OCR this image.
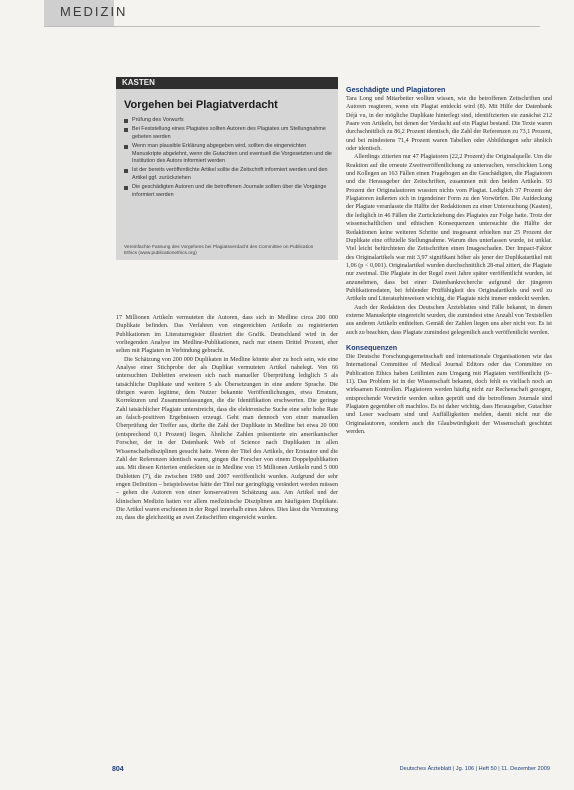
MEDIZIN
KASTEN
Vorgehen bei Plagiatverdacht
Prüfung des Vorwurfs
Bei Feststellung eines Plagiates sollten Autoren des Plagiates um Stellungnahme gebeten werden
Wenn man plausible Erklärung abgegeben wird, sollten die eingereichten Manuskripte abgelehnt, wenn die Gutachten und eventuell die Vorgesetzten und die Institution des Autors informiert werden
Ist der bereits veröffentlichte Artikel sollte die Zeitschrift informiert werden und den Artikel ggf. zurückziehen
Die geschädigten Autoren und die betroffenen Journale sollten über die Vorgänge informiert werden
Vereinfachte Fassung des Vorgehens bei Plagiatsverdacht des Committee on Publication Ethics (www.publicationethics.org)

17 Millionen Artikeln vermuteten die Autoren, dass sich in Medline circa 200 000 Duplikate befinden. Das Verfahren von eingereichten Artikeln zu registrierten Publikationen im Literaturregister illustriert die Grafik. Deutschland wird in der vorliegenden Analyse im Medline-Publikationen, nach nur einem Drittel Prozent, eher selten mit Plagiaten in Verbindung gebracht.

Die Schätzung von 200 000 Duplikaten in Medline könnte aber zu hoch sein, wie eine Analyse einer Stichprobe der als Duplikat vermuteten Artikel nahelegt. Von 66 untersuchten Dubletten erwiesen sich nach manueller Überprüfung lediglich 5 als tatsächliche Duplikate und weitere 5 als Übersetzungen in eine andere Sprache. Die übrigen waren legitime, dem Nutzer bekannte Veröffentlichungen, etwa Erratum, Korrekturen und Zusammenfassungen, die die Identifikation erschwerten. Die geringe Zahl tatsächlicher Plagiate unterstreicht, dass die elektronische Suche eine sehr hohe Rate an falsch-positiven Ergebnissen erzeugt. Geht man dennoch von einer manuellen Überprüfung der Treffer aus, dürfte die Zahl der Duplikate in Medline bei etwa 20 000 (entsprechend 0,1 Prozent) liegen. Ähnliche Zahlen präsentierte ein amerikanischer Forscher, der in der Datenbank Web of Science nach Duplikaten in allen Wissenschaftsdisziplinen gesucht hatte. Wenn der Titel des Artikels, der Erstautor und die Zahl der Referenzen identisch waren, gingen die Forscher von einem Doppelpublikation aus. Mit diesen Kriterien entdeckten sie in Medline von 15 Millionen Artikeln rund 5 000 Dubletten (7), die zwischen 1980 und 2007 veröffentlicht wurden. Aufgrund der sehr engen Definition – beispielsweise hätte der Titel nur geringfügig verändert werden müssen – gehen die Autoren von einer konservativen Schätzung aus. Am Artikel und der klinischen Medizin hatten vor allem medizinische Disziplinen am häufigsten Duplikate. Die Artikel waren erschienen in der Regel innerhalb eines Jahres. Dies lässt die Vermutung zu, dass die gleichzeitig an zwei Zeitschriften eingereicht wurden.

Geschädigte und Plagiatoren

Tara Long und Mitarbeiter wollten wissen, wie die betroffenen Zeitschriften und Autoren reagieren, wenn ein Plagiat entdeckt wird (8). Mit Hilfe der Datenbank Déjà vu, in der mögliche Duplikate hinterlegt sind, identifizierten sie zunächst 212 Paare von Artikeln, bei denen der Verdacht auf ein Plagiat bestand. Die Texte waren durchschnittlich zu 86,2 Prozent identisch, die Zahl der Referenzen zu 73,1 Prozent, und bei mindestens 71,4 Prozent waren Tabellen oder Abbildungen sehr ähnlich oder identisch.

Allerdings zitierten nur 47 Plagiatoren (22,2 Prozent) die Originalquelle. Um die Reaktion auf die erneute Zweitveröffentlichung zu untersuchen, verschickten Long und Kollegen an 163 Fällen einen Fragebogen an die Geschädigten, die Plagiatoren und die Herausgeber der Zeitschriften, zusammen mit den beiden Artikeln. 93 Prozent der Originalautoren wussten nichts vom Plagiat. Lediglich 37 Prozent der Plagiatoren äußerten sich in irgendeiner Form zu den Vorwürfen. Die Aufdeckung der Plagiate veranlasste die Hälfte der Redaktionen zu einer Untersuchung (Kasten), die lediglich in 46 Fällen die Zurückziehung des Plagiates zur Folge hatte. Trotz der wissenschaftlichen und ethischen Konsequenzen untersuchte die Hälfte der Redaktionen keine weiteren Schritte und insgesamt erhielten nur 25 Prozent der Duplikate eine offizielle Stellungnahme. Warum dies unterlassen wurde, ist unklar. Viel leicht befürchteten die Zeitschriften einen Imageschaden. Der Impact-Faktor des Originalartikels war mit 3,97 signifikant höher als jener der Duplikatartikel mit 1,06 (p < 0,001). Originalartikel wurden durchschnittlich 28-mal zitiert, die Plagiate nur zweimal. Die Plagiate in der Regel zwei Jahre später veröffentlicht wurden, ist anzunehmen, dass bei einer Datenbankrecherche aufgrund der jüngeren Publikationsdaten, bei fehlender Prüffähigkeit des Originalartikels und weil zu Artikeln und Literaturhinweisen wichtig, die Plagiate nicht immer entdeckt werden.

Auch der Redaktion des Deutschen Ärzteblattes sind Fälle bekannt, in denen externe Manuskripte eingereicht wurden, die zumindest eine Anzahl von Textstellen aus anderen Artikeln enthielten. Gemäß der Zahlen liegen uns aber nicht vor. Es ist auch zu beachten, dass Plagiate zumindest gelegentlich auch veröffentlicht werden.

Konsequenzen

Die Deutsche Forschungsgemeinschaft und internationale Organisationen wie das International Committee of Medical Journal Editors oder das Committee on Publication Ethics haben Leitlinien zum Umgang mit Plagiaten veröffentlicht (9–11). Das Problem ist in der Wissenschaft bekannt, doch fehlt es vielfach noch an wirksamen Kontrollen. Plagiatoren werden häufig nicht zur Rechenschaft gezogen, entsprechende Vorwürfe werden selten geprüft und die betroffenen Journale sind Plagiaten gegenüber oft machtlos. Es ist daher wichtig, dass Herausgeber, Gutachter und Leser wachsam sind und Auffälligkeiten melden, damit nicht nur die Originalautoren, sondern auch die Glaubwürdigkeit der Wissenschaft geschützt werden.

804	Deutsches Ärzteblatt | Jg. 106 | Heft 50 | 11. Dezember 2009
